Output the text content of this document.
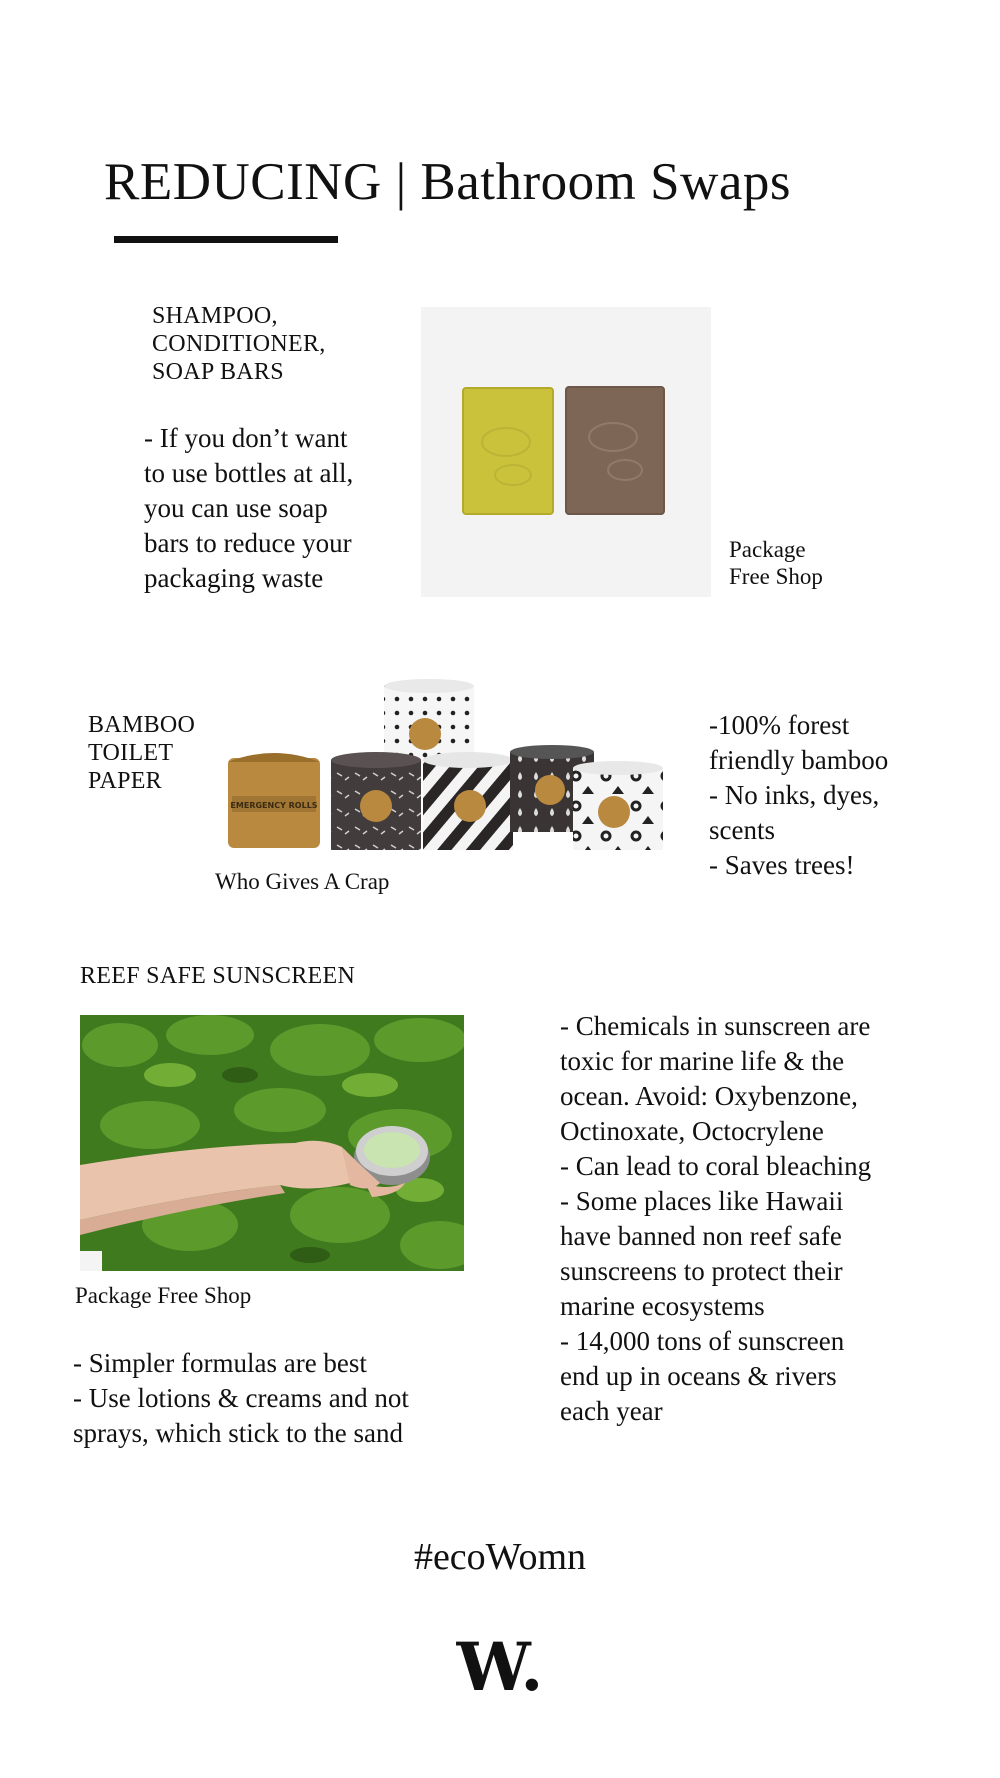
REDUCING | Bathroom Swaps
SHAMPOO,
CONDITIONER,
SOAP BARS
- If you don’t want
to use bottles at all,
you can use soap
bars to reduce your
packaging waste
Package
Free Shop
BAMBOO
TOILET
PAPER
EMERGENCY ROLLS
Who Gives A Crap
-100% forest
friendly bamboo
- No inks, dyes,
scents
- Saves trees!
REEF SAFE SUNSCREEN
Package Free Shop
- Simpler formulas are best
- Use lotions & creams and not
sprays, which stick to the sand
- Chemicals in sunscreen are
toxic for marine life & the
ocean. Avoid: Oxybenzone,
Octinoxate, Octocrylene
- Can lead to coral bleaching
- Some places like Hawaii
have banned non reef safe
sunscreens to protect their
marine ecosystems
- 14,000 tons of sunscreen
end up in oceans & rivers
each year
#ecoWomn
W.
